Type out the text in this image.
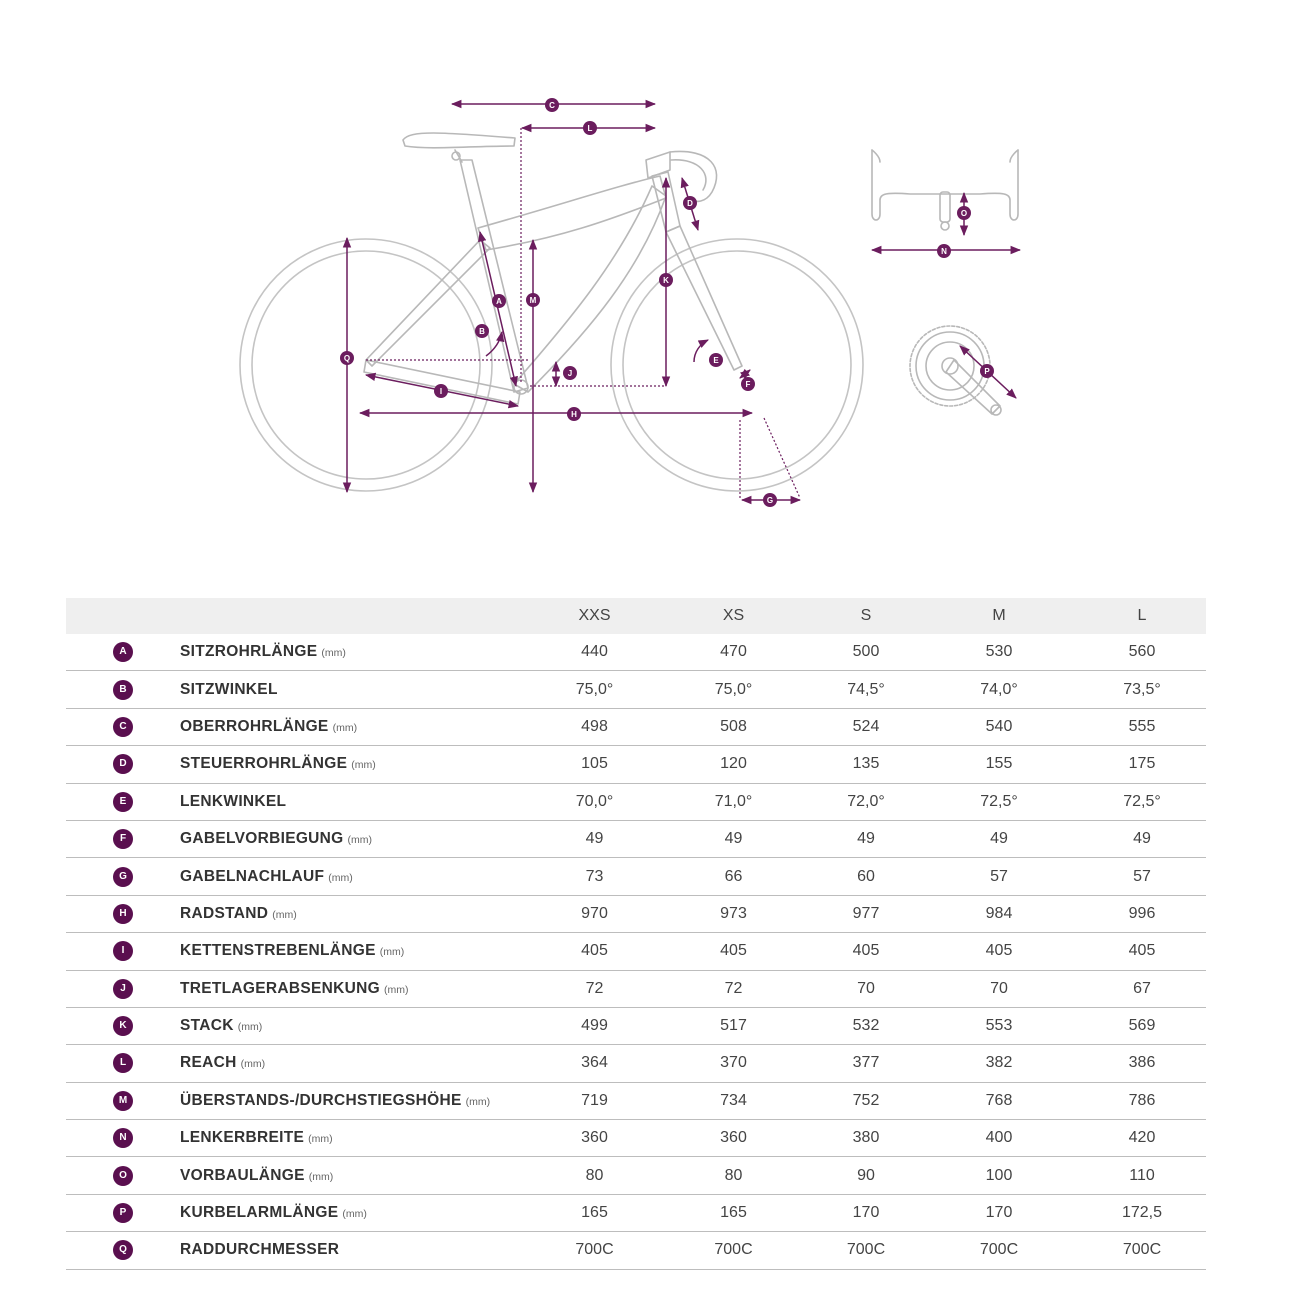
A
B
C
D
E
F
G
H
I
J
K
L
M
N
O
P
Q
		XXS	XS	S	M	L
A	SITZROHRLÄNGE (mm)	440	470	500	530	560
B	SITZWINKEL	75,0°	75,0°	74,5°	74,0°	73,5°
C	OBERROHRLÄNGE (mm)	498	508	524	540	555
D	STEUERROHRLÄNGE (mm)	105	120	135	155	175
E	LENKWINKEL	70,0°	71,0°	72,0°	72,5°	72,5°
F	GABELVORBIEGUNG (mm)	49	49	49	49	49
G	GABELNACHLAUF (mm)	73	66	60	57	57
H	RADSTAND (mm)	970	973	977	984	996
I	KETTENSTREBENLÄNGE (mm)	405	405	405	405	405
J	TRETLAGERABSENKUNG (mm)	72	72	70	70	67
K	STACK (mm)	499	517	532	553	569
L	REACH (mm)	364	370	377	382	386
M	ÜBERSTANDS-/DURCHSTIEGSHÖHE (mm)	719	734	752	768	786
N	LENKERBREITE (mm)	360	360	380	400	420
O	VORBAULÄNGE (mm)	80	80	90	100	110
P	KURBELARMLÄNGE (mm)	165	165	170	170	172,5
Q	RADDURCHMESSER	700C	700C	700C	700C	700C
